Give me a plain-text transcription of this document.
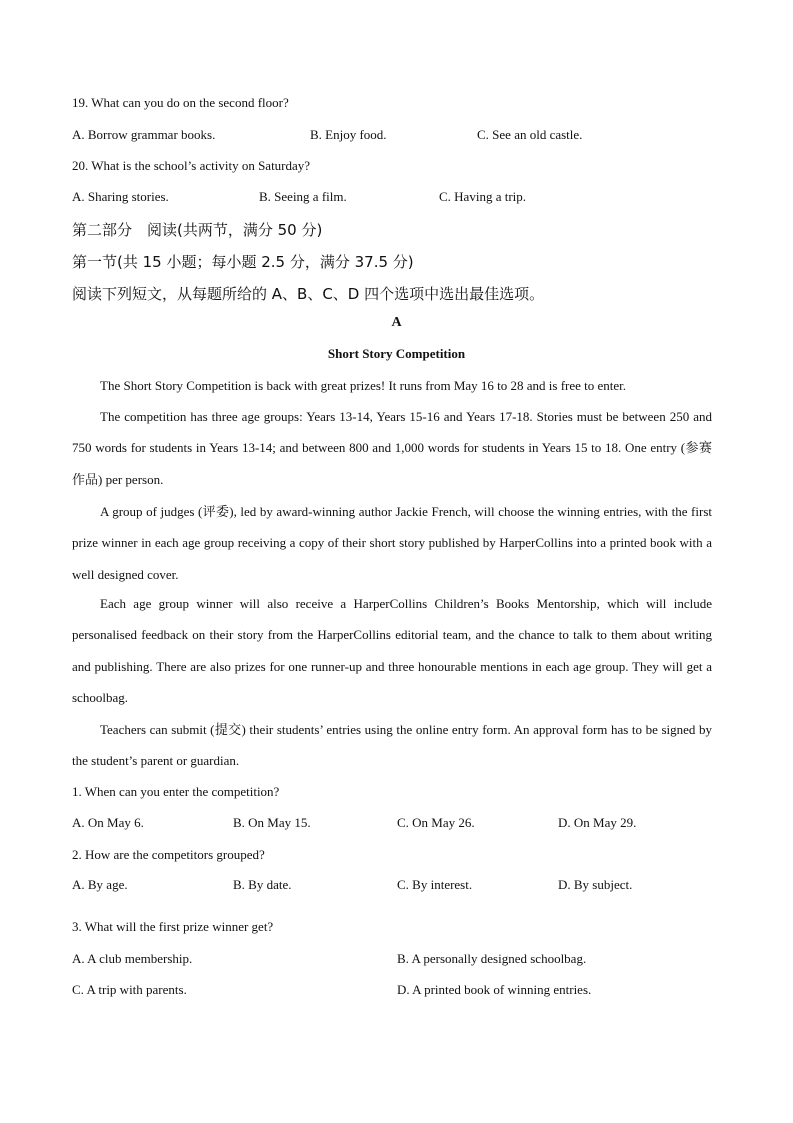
19. What can you do on the second floor?
A. Borrow grammar books.	B. Enjoy food.	C. See an old castle.
20. What is the school’s activity on Saturday?
A. Sharing stories.	B. Seeing a film.	C. Having a trip.
第二部分　阅读(共两节，满分 50 分)
第一节(共 15 小题；每小题 2.5 分，满分 37.5 分)
阅读下列短文，从每题所给的 A、B、C、D 四个选项中选出最佳选项。
A
Short Story Competition
The Short Story Competition is back with great prizes! It runs from May 16 to 28 and is free to enter.
The competition has three age groups: Years 13-14, Years 15-16 and Years 17-18. Stories must be between 250 and 750 words for students in Years 13-14; and between 800 and 1,000 words for students in Years 15 to 18. One entry (参赛作品) per person.
A group of judges (评委), led by award-winning author Jackie French, will choose the winning entries, with the first prize winner in each age group receiving a copy of their short story published by HarperCollins into a printed book with a well designed cover.
Each age group winner will also receive a HarperCollins Children’s Books Mentorship, which will include personalised feedback on their story from the HarperCollins editorial team, and the chance to talk to them about writing and publishing. There are also prizes for one runner-up and three honourable mentions in each age group. They will get a schoolbag.
Teachers can submit (提交) their students’ entries using the online entry form. An approval form has to be signed by the student’s parent or guardian.
1. When can you enter the competition?
A. On May 6.	B. On May 15.	C. On May 26.	D. On May 29.
2. How are the competitors grouped?
A. By age.	B. By date.	C. By interest.	D. By subject.
3. What will the first prize winner get?
A. A club membership.	B. A personally designed schoolbag.
C. A trip with parents.	D. A printed book of winning entries.
